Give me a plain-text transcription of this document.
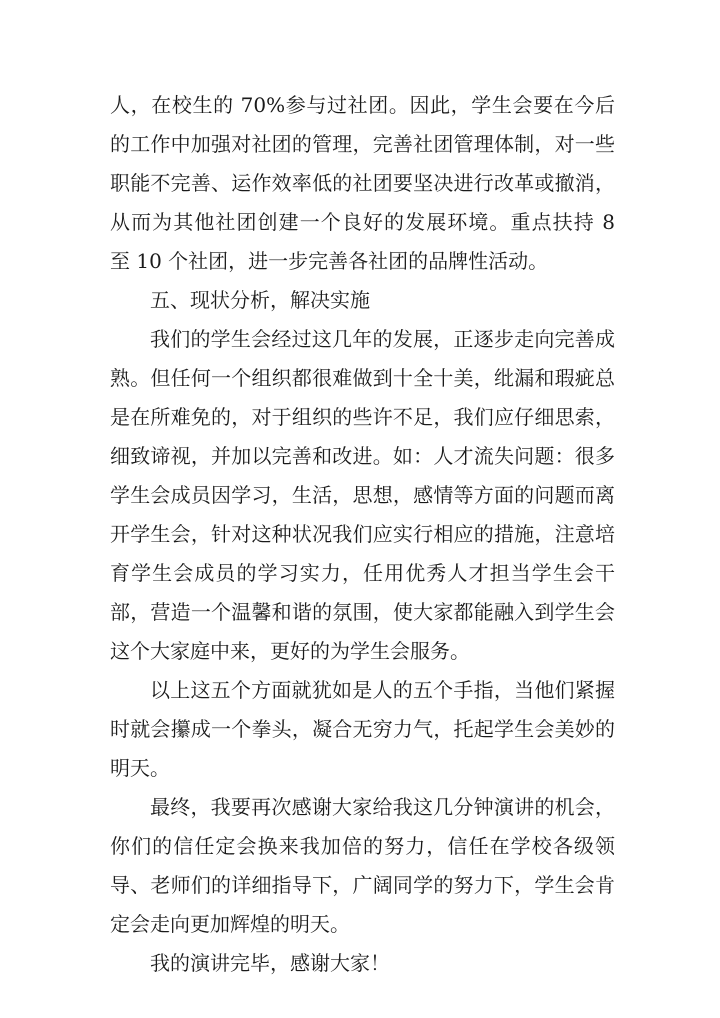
人，在校生的 70%参与过社团。因此，学生会要在今后的工作中加强对社团的管理，完善社团管理体制，对一些职能不完善、运作效率低的社团要坚决进行改革或撤消，从而为其他社团创建一个良好的发展环境。重点扶持 8 至 10 个社团，进一步完善各社团的品牌性活动。

五、现状分析，解决实施

我们的学生会经过这几年的发展，正逐步走向完善成熟。但任何一个组织都很难做到十全十美，纰漏和瑕疵总是在所难免的，对于组织的些许不足，我们应仔细思索，细致谛视，并加以完善和改进。如：人才流失问题：很多学生会成员因学习，生活，思想，感情等方面的问题而离开学生会，针对这种状况我们应实行相应的措施，注意培育学生会成员的学习实力，任用优秀人才担当学生会干部，营造一个温馨和谐的氛围，使大家都能融入到学生会这个大家庭中来，更好的为学生会服务。

以上这五个方面就犹如是人的五个手指，当他们紧握时就会攥成一个拳头，凝合无穷力气，托起学生会美妙的明天。

最终，我要再次感谢大家给我这几分钟演讲的机会，你们的信任定会换来我加倍的努力，信任在学校各级领导、老师们的详细指导下，广阔同学的努力下，学生会肯定会走向更加辉煌的明天。

我的演讲完毕，感谢大家！
